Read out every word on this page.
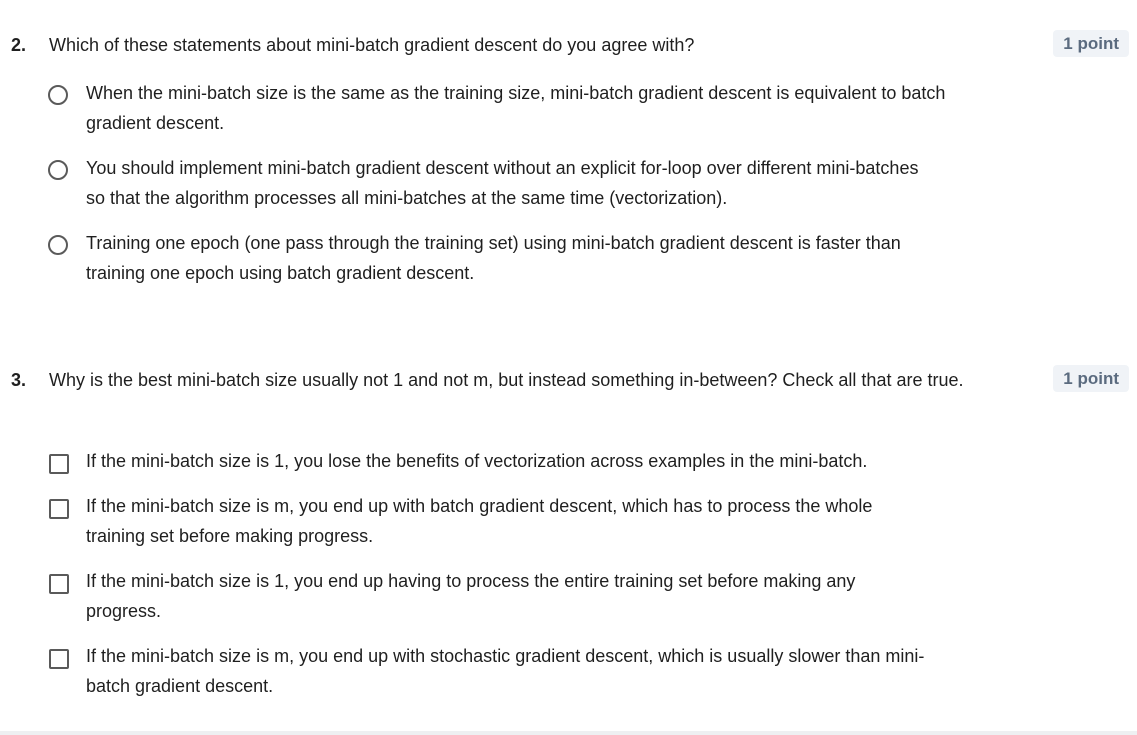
2. Which of these statements about mini-batch gradient descent do you agree with?	1 point
When the mini-batch size is the same as the training size, mini-batch gradient descent is equivalent to batch gradient descent.
You should implement mini-batch gradient descent without an explicit for-loop over different mini-batches so that the algorithm processes all mini-batches at the same time (vectorization).
Training one epoch (one pass through the training set) using mini-batch gradient descent is faster than training one epoch using batch gradient descent.
3. Why is the best mini-batch size usually not 1 and not m, but instead something in-between? Check all that are true.	1 point
If the mini-batch size is 1, you lose the benefits of vectorization across examples in the mini-batch.
If the mini-batch size is m, you end up with batch gradient descent, which has to process the whole training set before making progress.
If the mini-batch size is 1, you end up having to process the entire training set before making any progress.
If the mini-batch size is m, you end up with stochastic gradient descent, which is usually slower than mini-batch gradient descent.
